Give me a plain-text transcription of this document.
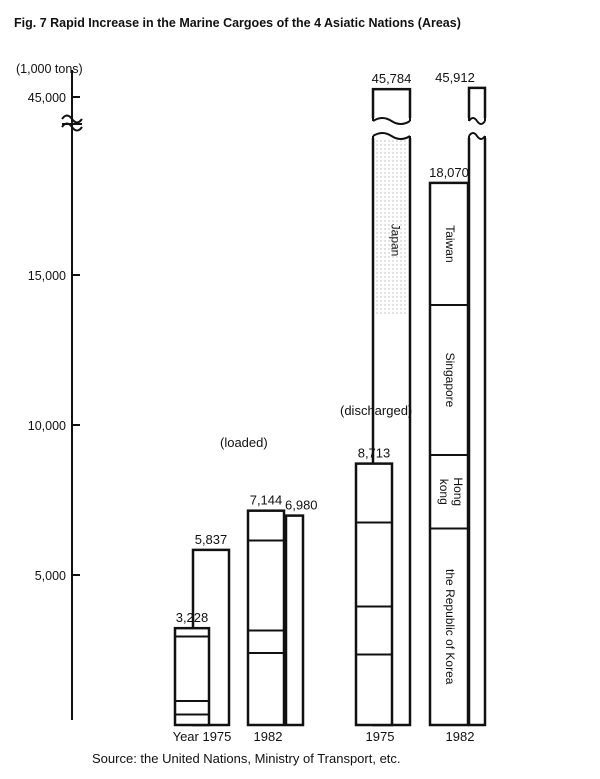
Fig. 7 Rapid Increase in the Marine Cargoes of the 4 Asiatic Nations (Areas)
(1,000 tons)
5,000
10,000
15,000
45,000
5,837
3,228
6,980
7,144
45,784
8,713
45,912
18,070
the Republic of Korea
Hong
kong
Singapore
Taiwan
Year 1975 1982	1975	1982
(loaded)
(discharged)
Source: the United Nations, Ministry of Transport, etc.
